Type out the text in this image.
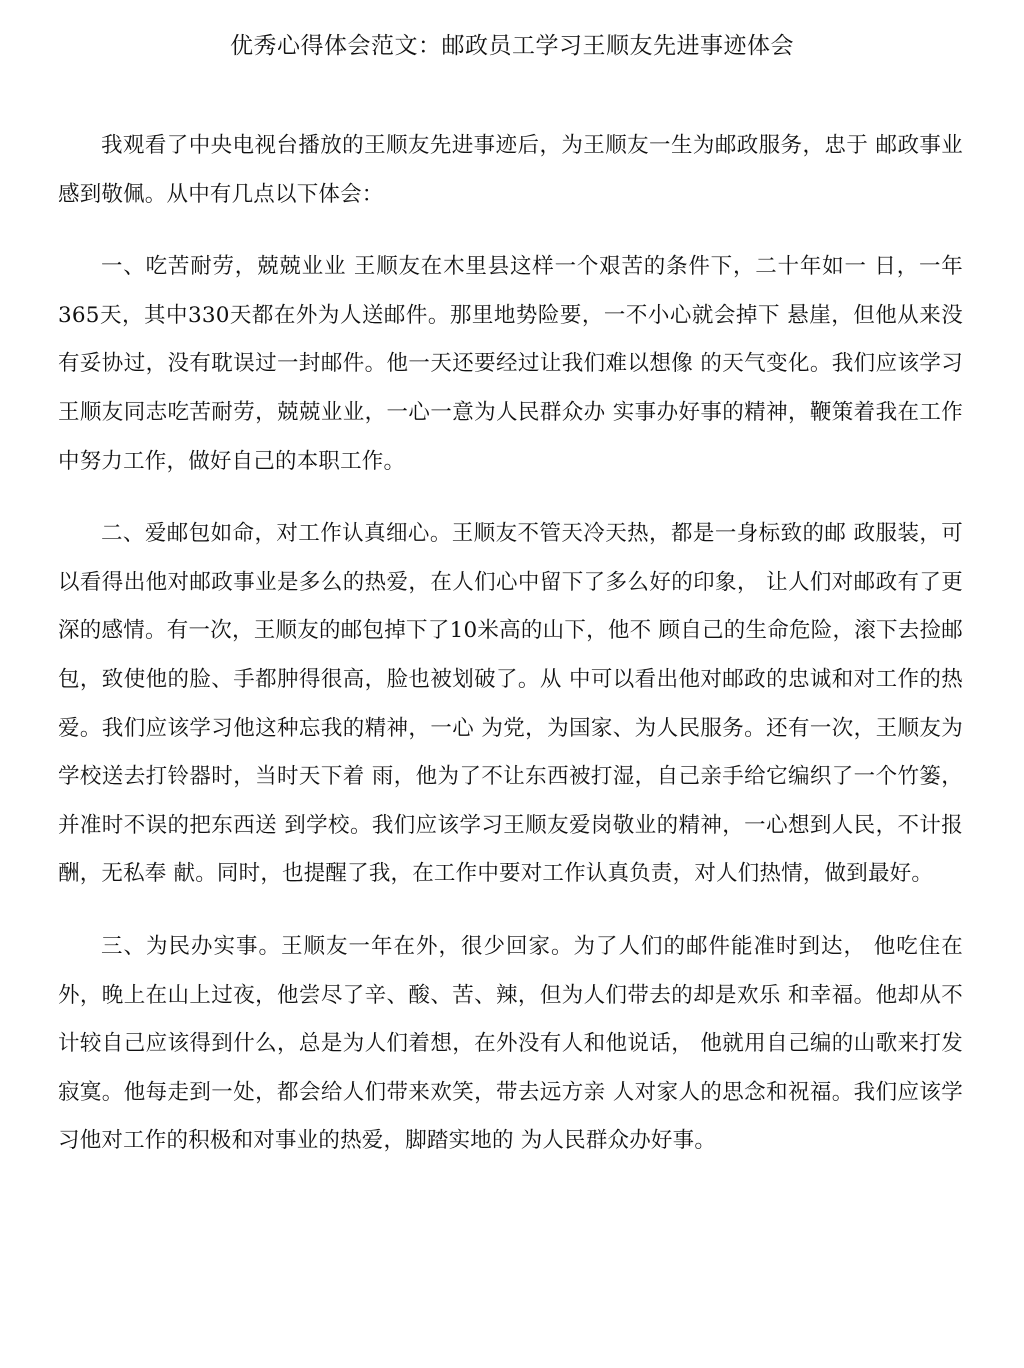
优秀心得体会范文：邮政员工学习王顺友先进事迹体会

我观看了中央电视台播放的王顺友先进事迹后，为王顺友一生为邮政服务，忠于 邮政事业感到敬佩。从中有几点以下体会：

一、吃苦耐劳，兢兢业业 王顺友在木里县这样一个艰苦的条件下，二十年如一 日，一年365天，其中330天都在外为人送邮件。那里地势险要，一不小心就会掉下 悬崖，但他从来没有妥协过，没有耽误过一封邮件。他一天还要经过让我们难以想像 的天气变化。我们应该学习王顺友同志吃苦耐劳，兢兢业业，一心一意为人民群众办 实事办好事的精神，鞭策着我在工作中努力工作，做好自己的本职工作。

二、爱邮包如命，对工作认真细心。王顺友不管天冷天热，都是一身标致的邮 政服装，可以看得出他对邮政事业是多么的热爱，在人们心中留下了多么好的印象， 让人们对邮政有了更深的感情。有一次，王顺友的邮包掉下了10米高的山下，他不 顾自己的生命危险，滚下去捡邮包，致使他的脸、手都肿得很高，脸也被划破了。从 中可以看出他对邮政的忠诚和对工作的热爱。我们应该学习他这种忘我的精神，一心 为党，为国家、为人民服务。还有一次，王顺友为学校送去打铃器时，当时天下着 雨，他为了不让东西被打湿，自己亲手给它编织了一个竹篓，并准时不误的把东西送 到学校。我们应该学习王顺友爱岗敬业的精神，一心想到人民，不计报酬，无私奉 献。同时，也提醒了我，在工作中要对工作认真负责，对人们热情，做到最好。

三、为民办实事。王顺友一年在外，很少回家。为了人们的邮件能准时到达， 他吃住在外，晚上在山上过夜，他尝尽了辛、酸、苦、辣，但为人们带去的却是欢乐 和幸福。他却从不计较自己应该得到什么，总是为人们着想，在外没有人和他说话， 他就用自己编的山歌来打发寂寞。他每走到一处，都会给人们带来欢笑，带去远方亲 人对家人的思念和祝福。我们应该学习他对工作的积极和对事业的热爱，脚踏实地的 为人民群众办好事。
